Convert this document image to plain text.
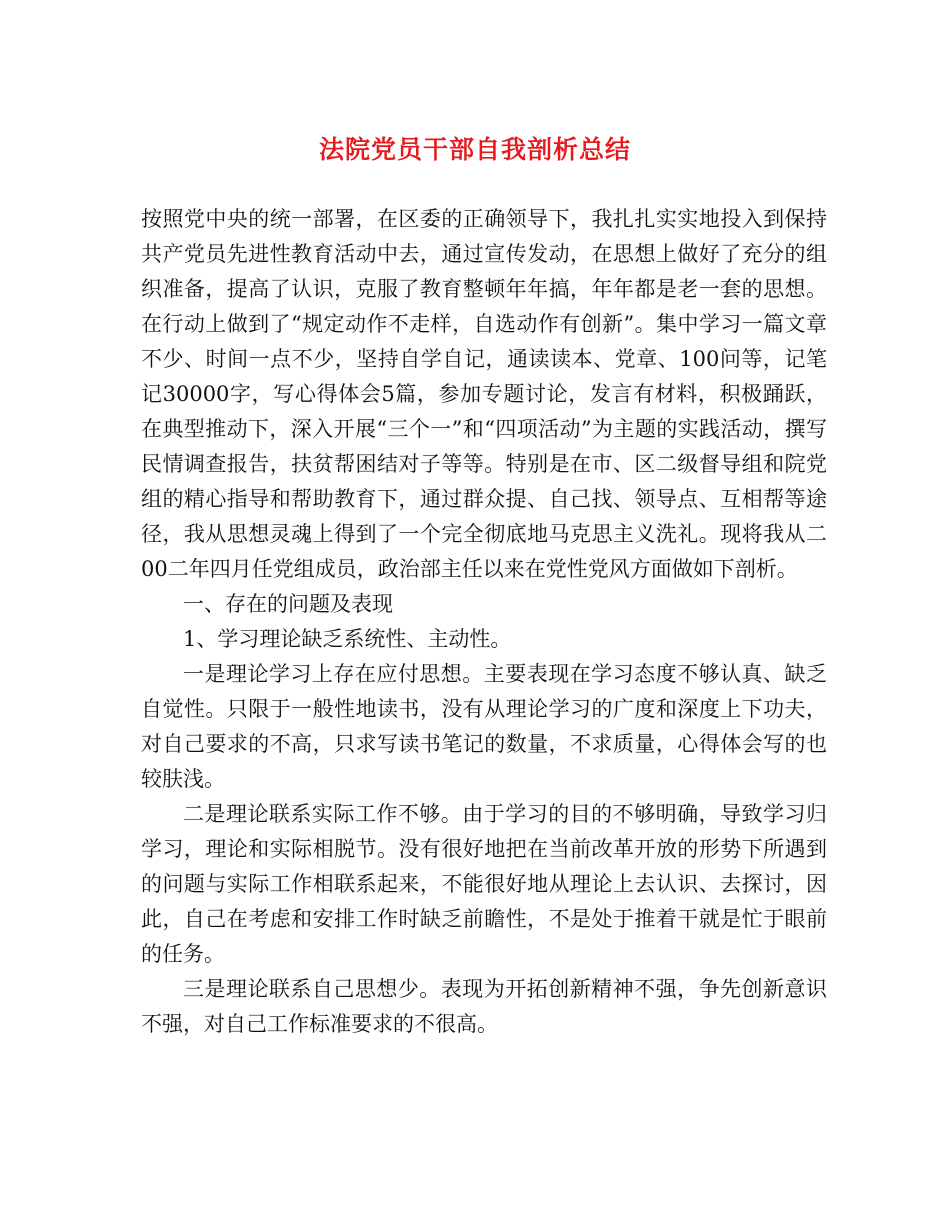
法院党员干部自我剖析总结

按照党中央的统一部署，在区委的正确领导下，我扎扎实实地投入到保持共产党员先进性教育活动中去，通过宣传发动，在思想上做好了充分的组织准备，提高了认识，克服了教育整顿年年搞，年年都是老一套的思想。在行动上做到了“规定动作不走样，自选动作有创新”。集中学习一篇文章不少、时间一点不少，坚持自学自记，通读读本、党章、100问等，记笔记30000字，写心得体会5篇，参加专题讨论，发言有材料，积极踊跃，在典型推动下，深入开展“三个一”和“四项活动”为主题的实践活动，撰写民情调查报告，扶贫帮困结对子等等。特别是在市、区二级督导组和院党组的精心指导和帮助教育下，通过群众提、自己找、领导点、互相帮等途径，我从思想灵魂上得到了一个完全彻底地马克思主义洗礼。现将我从二00二年四月任党组成员，政治部主任以来在党性党风方面做如下剖析。

一、存在的问题及表现

1、学习理论缺乏系统性、主动性。

一是理论学习上存在应付思想。主要表现在学习态度不够认真、缺乏自觉性。只限于一般性地读书，没有从理论学习的广度和深度上下功夫，对自己要求的不高，只求写读书笔记的数量，不求质量，心得体会写的也较肤浅。

二是理论联系实际工作不够。由于学习的目的不够明确，导致学习归学习，理论和实际相脱节。没有很好地把在当前改革开放的形势下所遇到的问题与实际工作相联系起来，不能很好地从理论上去认识、去探讨，因此，自己在考虑和安排工作时缺乏前瞻性，不是处于推着干就是忙于眼前的任务。

三是理论联系自己思想少。表现为开拓创新精神不强，争先创新意识不强，对自己工作标准要求的不很高。
